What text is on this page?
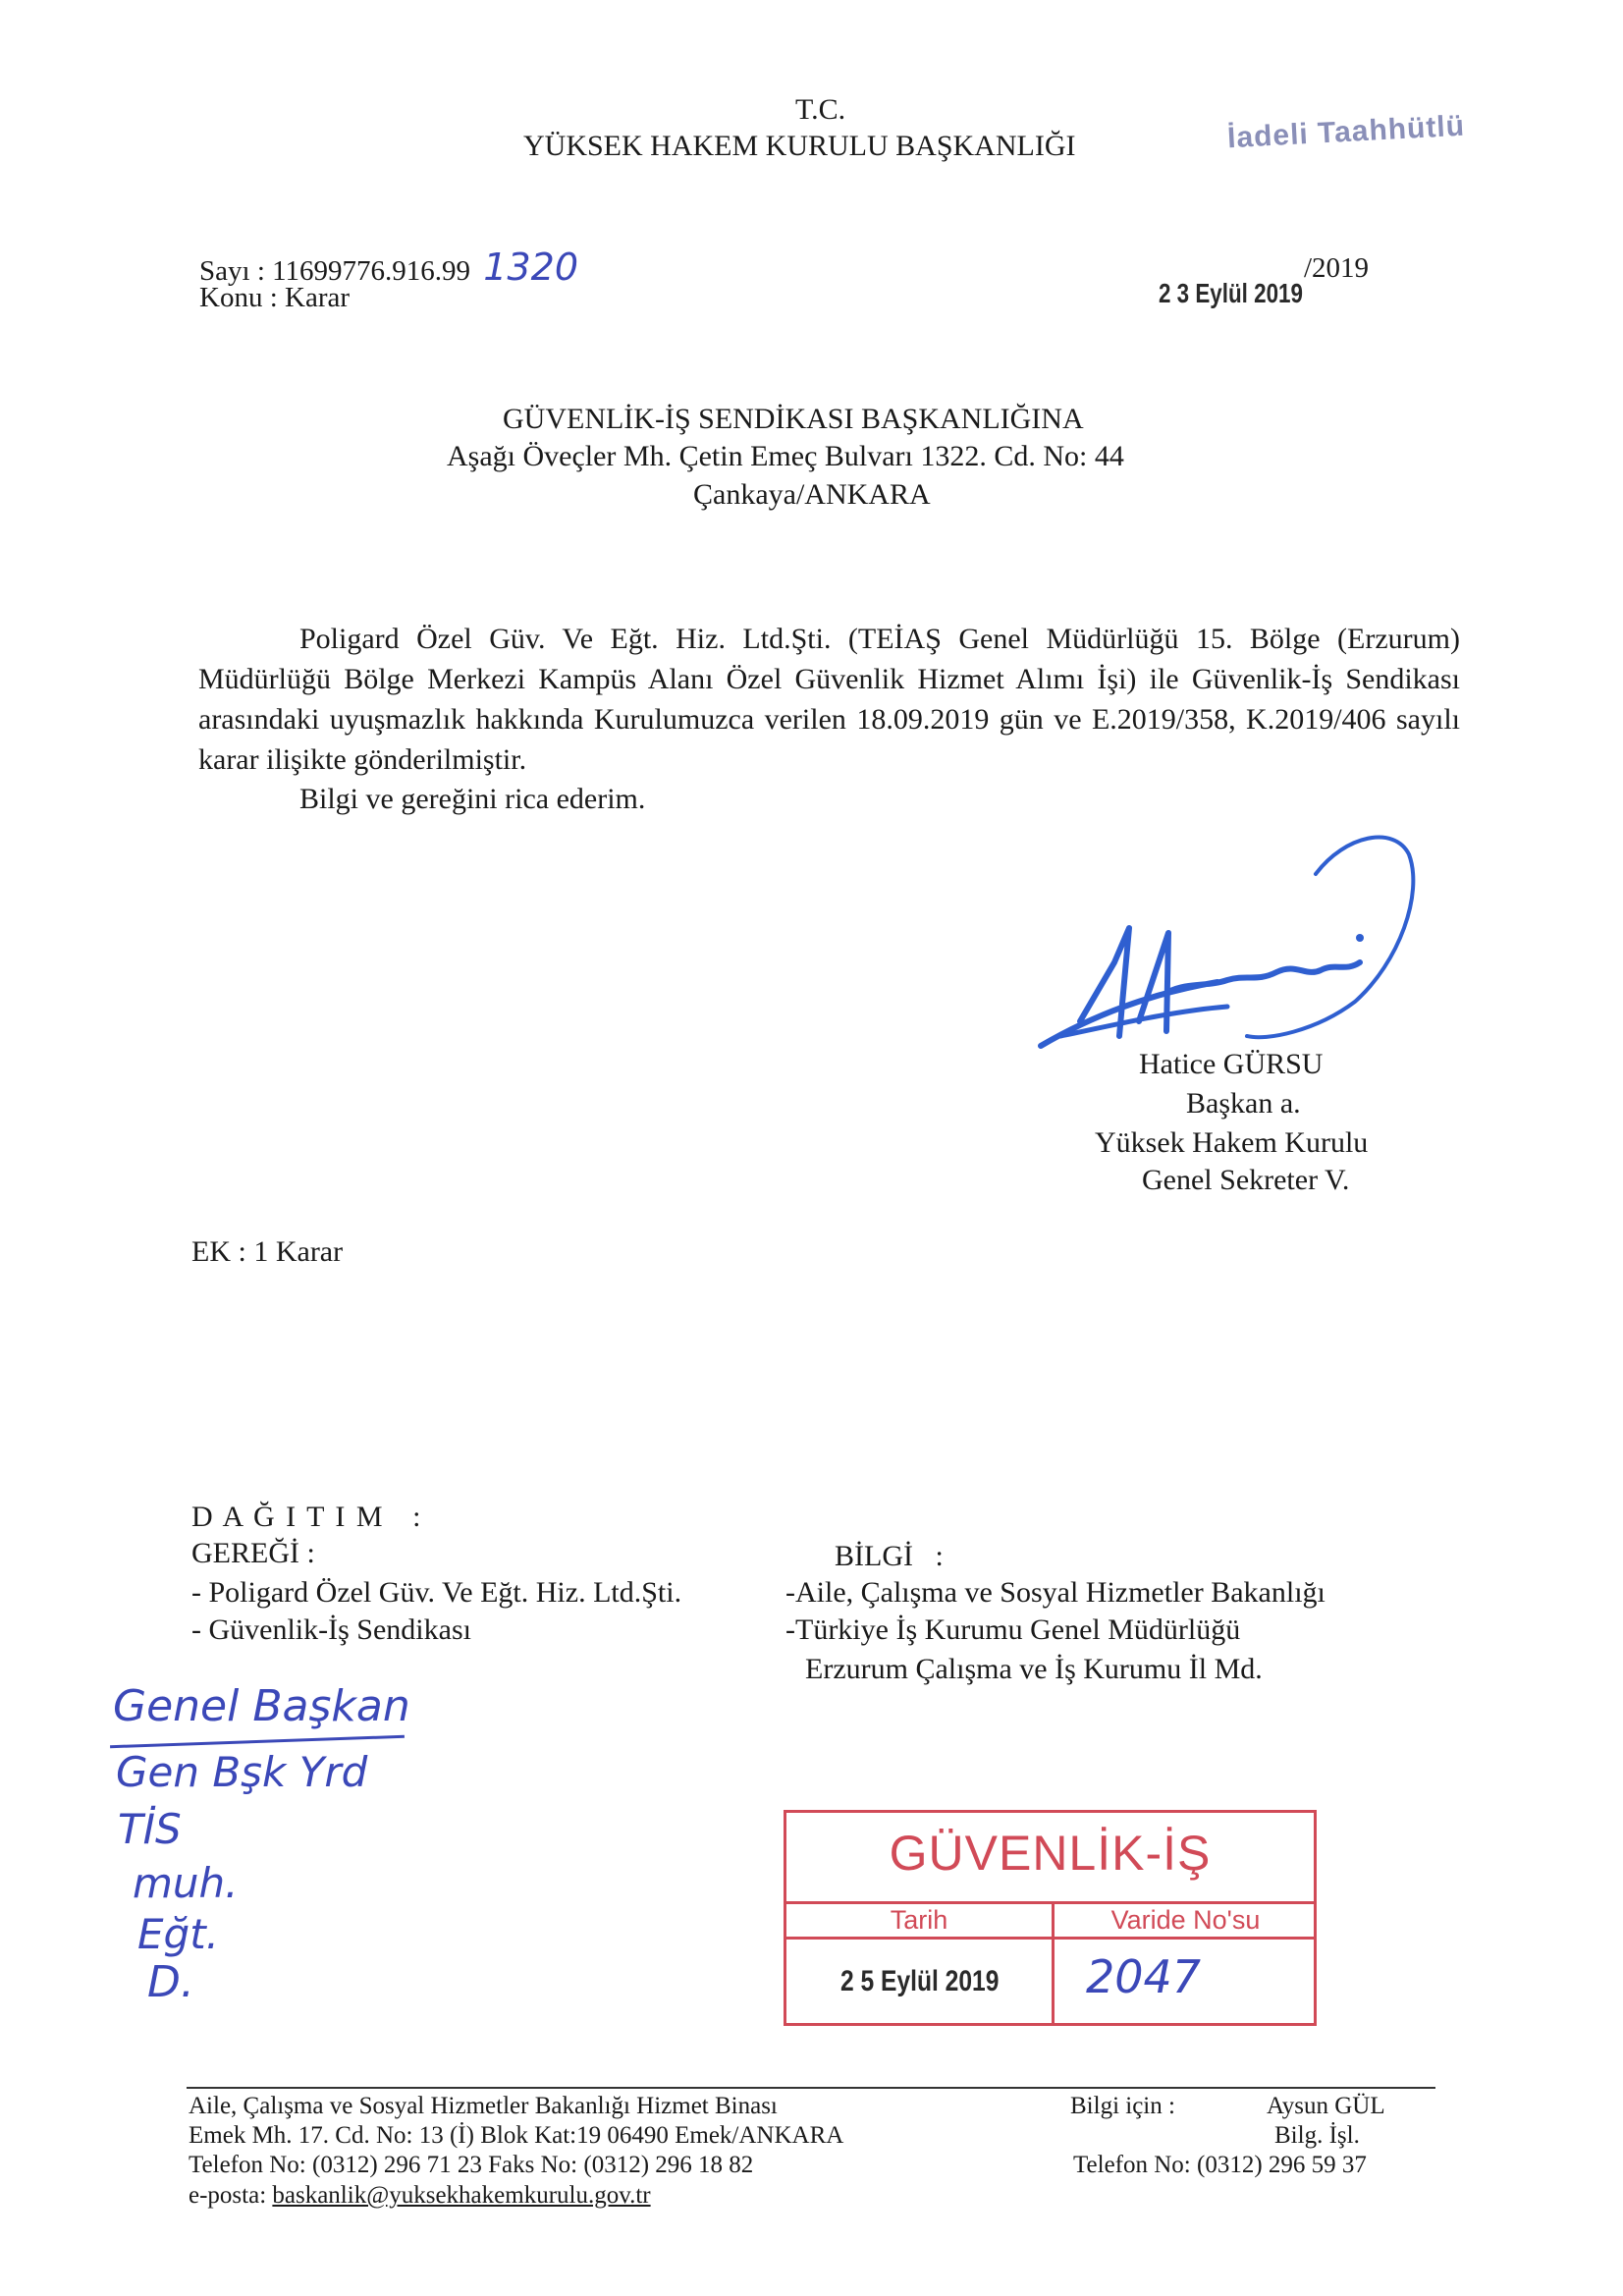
T.C.
YÜKSEK HAKEM KURULU BAŞKANLIĞI	İadeli Taahhütlü
Sayı : 11699776.916.99 1320
Konu : Karar	2 3 Eylül 2019
/2019
GÜVENLİK-İŞ SENDİKASI BAŞKANLIĞINA
Aşağı Öveçler Mh. Çetin Emeç Bulvarı 1322. Cd. No: 44
Çankaya/ANKARA

Poligard Özel Güv. Ve Eğt. Hiz. Ltd.Şti. (TEİAŞ Genel Müdürlüğü 15. Bölge (Erzurum) Müdürlüğü Bölge Merkezi Kampüs Alanı Özel Güvenlik Hizmet Alımı İşi) ile Güvenlik-İş Sendikası arasındaki uyuşmazlık hakkında Kurulumuzca verilen 18.09.2019 gün ve E.2019/358, K.2019/406 sayılı karar ilişikte gönderilmiştir.

Bilgi ve gereğini rica ederim.
Hatice GÜRSU
Başkan a.
Yüksek Hakem Kurulu
Genel Sekreter V.
EK : 1 Karar
D A Ğ I T I M   :
GEREĞİ :
- Poligard Özel Güv. Ve Eğt. Hiz. Ltd.Şti.
- Güvenlik-İş Sendikası
BİLGİ   :
-Aile, Çalışma ve Sosyal Hizmetler Bakanlığı
-Türkiye İş Kurumu Genel Müdürlüğü
Erzurum Çalışma ve İş Kurumu İl Md.
Genel Başkan
Gen Bşk Yrd
TİS
muh.
Eğt.
D.
GÜVENLİK-İŞ
Tarih	Varide No'su
2 5 Eylül 2019 2047
Aile, Çalışma ve Sosyal Hizmetler Bakanlığı Hizmet Binası
Emek Mh. 17. Cd. No: 13 (İ) Blok Kat:19 06490 Emek/ANKARA
Telefon No: (0312) 296 71 23 Faks No: (0312) 296 18 82
e-posta: baskanlik@yuksekhakemkurulu.gov.tr
Bilgi için :	Aysun GÜL
Bilg. İşl.
Telefon No: (0312) 296 59 37
